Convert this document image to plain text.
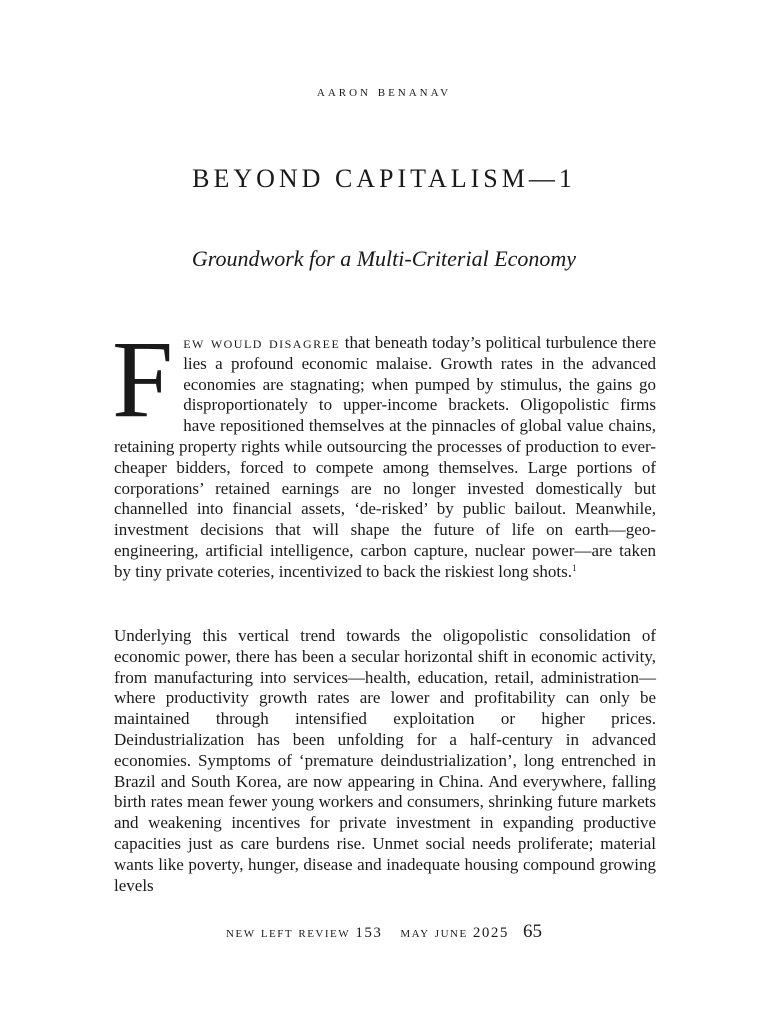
aaron benanav
BEYOND CAPITALISM—1
Groundwork for a Multi-Criterial Economy
Few would disagree that beneath today’s political turbulence there lies a profound economic malaise. Growth rates in the advanced economies are stagnating; when pumped by stimulus, the gains go disproportionately to upper-income brackets. Oligopolistic firms have repositioned themselves at the pinnacles of global value chains, retaining property rights while outsourcing the processes of production to ever-cheaper bidders, forced to compete among themselves. Large portions of corporations’ retained earnings are no longer invested domestically but channelled into financial assets, ‘de-risked’ by public bailout. Meanwhile, investment decisions that will shape the future of life on earth—geo-engineering, artificial intelligence, carbon capture, nuclear power—are taken by tiny private coteries, incentivized to back the riskiest long shots.$^1$
Underlying this vertical trend towards the oligopolistic consolidation of economic power, there has been a secular horizontal shift in economic activity, from manufacturing into services—health, education, retail, administration—where productivity growth rates are lower and profitability can only be maintained through intensified exploitation or higher prices. Deindustrialization has been unfolding for a half-century in advanced economies. Symptoms of ‘premature deindustrialization’, long entrenched in Brazil and South Korea, are now appearing in China. And everywhere, falling birth rates mean fewer young workers and consumers, shrinking future markets and weakening incentives for private investment in expanding productive capacities just as care burdens rise. Unmet social needs proliferate; material wants like poverty, hunger, disease and inadequate housing compound growing levels
new left review 153 may june 2025 65
